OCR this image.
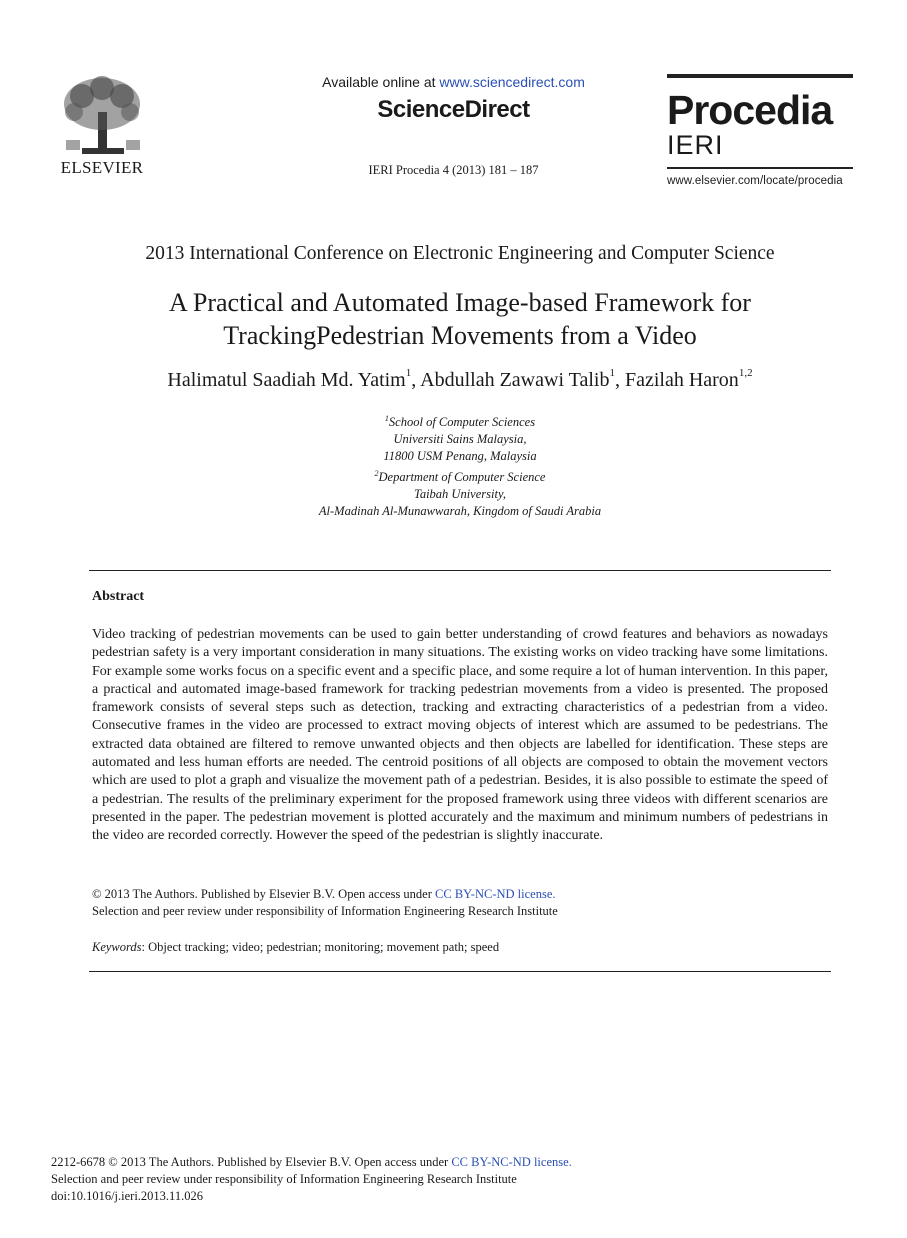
ELSEVIER
Available online at www.sciencedirect.com
ScienceDirect
IERI Procedia 4 (2013) 181 – 187
Procedia
IERI
www.elsevier.com/locate/procedia
2013 International Conference on Electronic Engineering and Computer Science
A Practical and Automated Image-based Framework for
TrackingPedestrian Movements from a Video
Halimatul Saadiah Md. Yatim$^1$, Abdullah Zawawi Talib$^1$, Fazilah Haron$^{1,2}$
$^1$School of Computer Sciences
Universiti Sains Malaysia,
11800 USM Penang, Malaysia
$^2$Department of Computer Science
Taibah University,
Al-Madinah Al-Munawwarah, Kingdom of Saudi Arabia
Abstract
Video tracking of pedestrian movements can be used to gain better understanding of crowd features and behaviors as nowadays pedestrian safety is a very important consideration in many situations. The existing works on video tracking have some limitations. For example some works focus on a specific event and a specific place, and some require a lot of human intervention. In this paper, a practical and automated image-based framework for tracking pedestrian movements from a video is presented. The proposed framework consists of several steps such as detection, tracking and extracting characteristics of a pedestrian from a video. Consecutive frames in the video are processed to extract moving objects of interest which are assumed to be pedestrians. The extracted data obtained are filtered to remove unwanted objects and then objects are labelled for identification. These steps are automated and less human efforts are needed. The centroid positions of all objects are composed to obtain the movement vectors which are used to plot a graph and visualize the movement path of a pedestrian. Besides, it is also possible to estimate the speed of a pedestrian. The results of the preliminary experiment for the proposed framework using three videos with different scenarios are presented in the paper. The pedestrian movement is plotted accurately and the maximum and minimum numbers of pedestrians in the video are recorded correctly. However the speed of the pedestrian is slightly inaccurate.
© 2013 The Authors. Published by Elsevier B.V. Open access under CC BY-NC-ND license.
Selection and peer review under responsibility of Information Engineering Research Institute
Keywords: Object tracking; video; pedestrian; monitoring; movement path; speed
2212-6678 © 2013 The Authors. Published by Elsevier B.V. Open access under CC BY-NC-ND license.
Selection and peer review under responsibility of Information Engineering Research Institute
doi:10.1016/j.ieri.2013.11.026
